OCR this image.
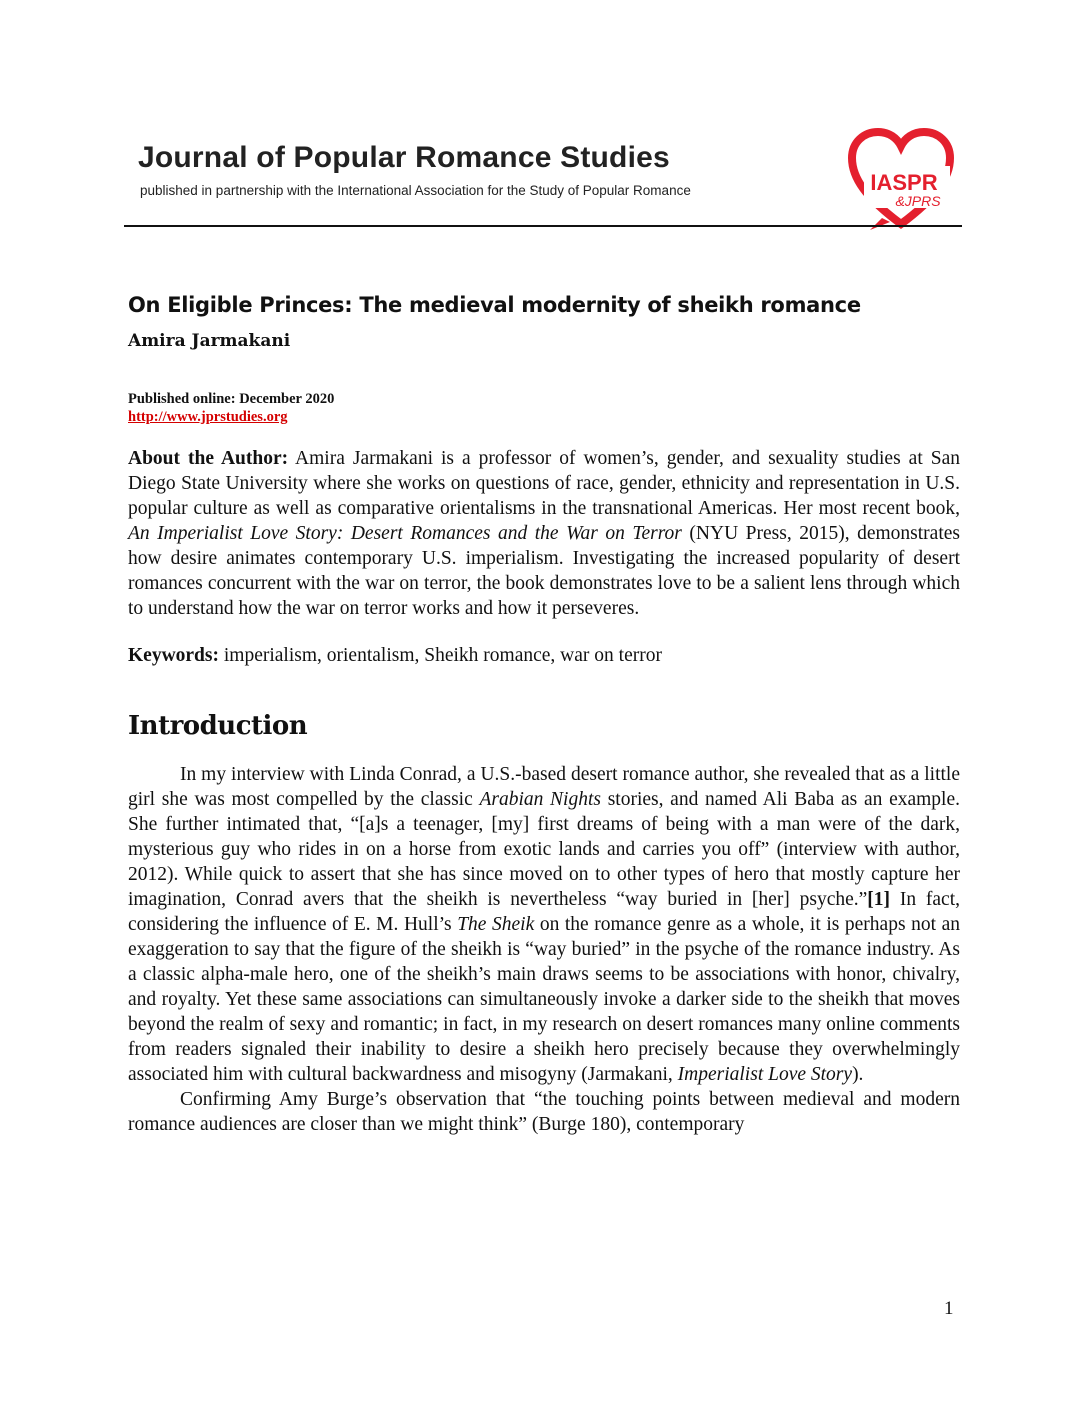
Journal of Popular Romance Studies
published in partnership with the International Association for the Study of Popular Romance	IASPR
&JPRS
On Eligible Princes: The medieval modernity of sheikh romance
Amira Jarmakani
Published online: December 2020
http://www.jprstudies.org

About the Author: Amira Jarmakani is a professor of women’s, gender, and sexuality studies at San Diego State University where she works on questions of race, gender, ethnicity and representation in U.S. popular culture as well as comparative orientalisms in the transnational Americas. Her most recent book, An Imperialist Love Story: Desert Romances and the War on Terror (NYU Press, 2015), demonstrates how desire animates contemporary U.S. imperialism. Investigating the increased popularity of desert romances concurrent with the war on terror, the book demonstrates love to be a salient lens through which to understand how the war on terror works and how it perseveres.

Keywords: imperialism, orientalism, Sheikh romance, war on terror

Introduction

In my interview with Linda Conrad, a U.S.-based desert romance author, she revealed that as a little girl she was most compelled by the classic Arabian Nights stories, and named Ali Baba as an example. She further intimated that, “[a]s a teenager, [my] first dreams of being with a man were of the dark, mysterious guy who rides in on a horse from exotic lands and carries you off” (interview with author, 2012). While quick to assert that she has since moved on to other types of hero that mostly capture her imagination, Conrad avers that the sheikh is nevertheless “way buried in [her] psyche.”[1] In fact, considering the influence of E. M. Hull’s The Sheik on the romance genre as a whole, it is perhaps not an exaggeration to say that the figure of the sheikh is “way buried” in the psyche of the romance industry. As a classic alpha-male hero, one of the sheikh’s main draws seems to be associations with honor, chivalry, and royalty. Yet these same associations can simultaneously invoke a darker side to the sheikh that moves beyond the realm of sexy and romantic; in fact, in my research on desert romances many online comments from readers signaled their inability to desire a sheikh hero precisely because they overwhelmingly associated him with cultural backwardness and misogyny (Jarmakani, Imperialist Love Story).

Confirming Amy Burge’s observation that “the touching points between medieval and modern romance audiences are closer than we might think” (Burge 180), contemporary

1
